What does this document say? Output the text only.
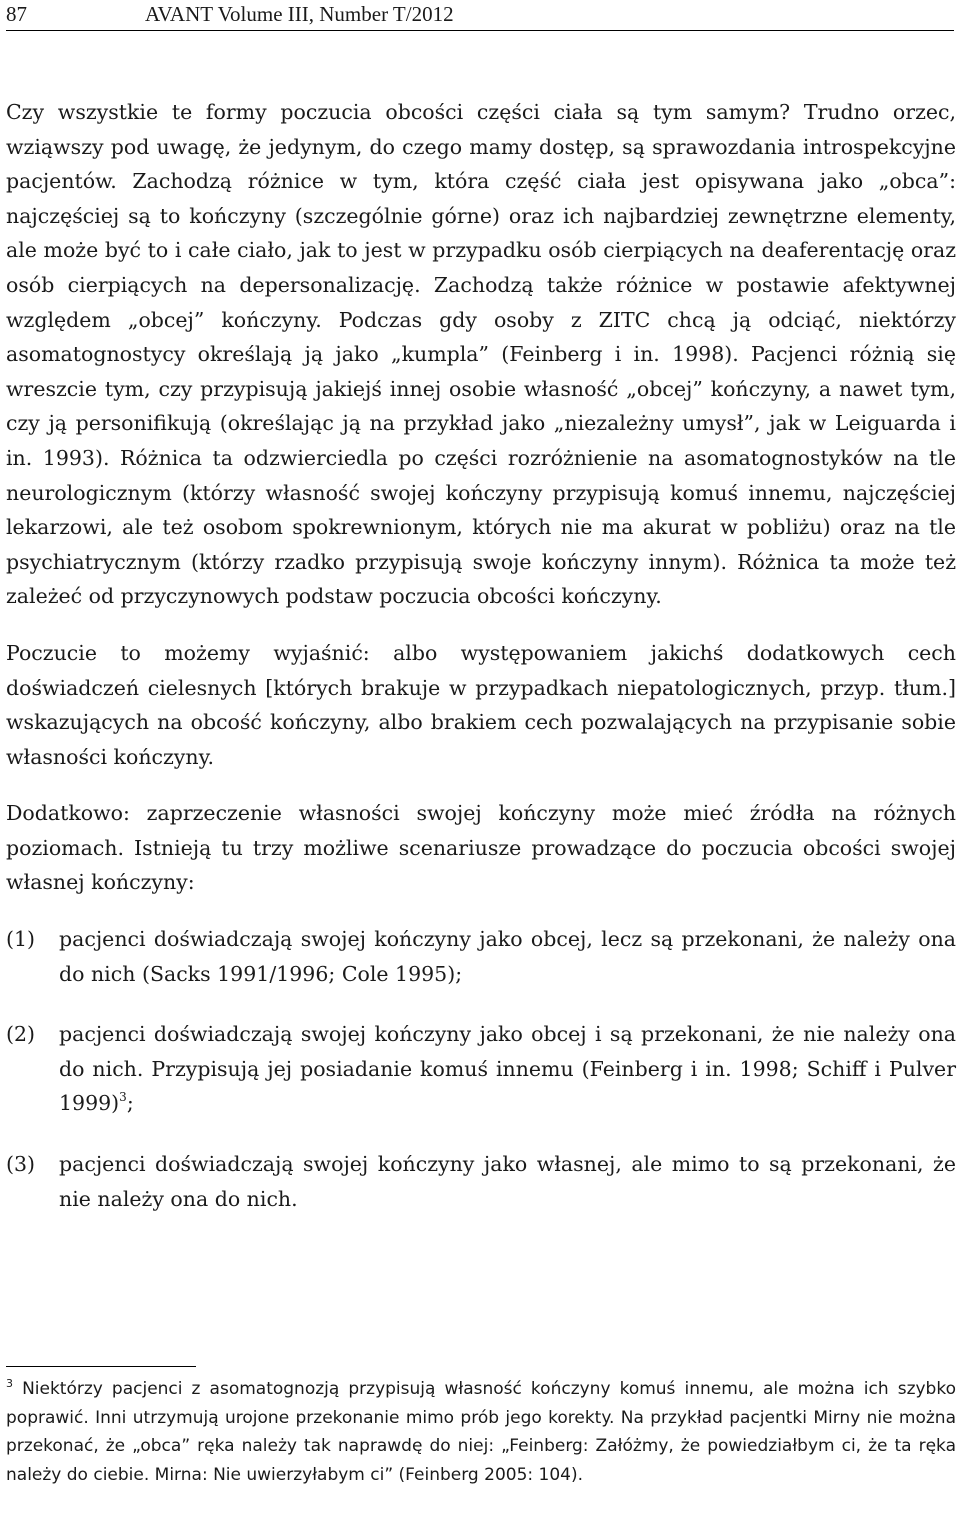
87	AVANT Volume III, Number T/2012

Czy wszystkie te formy poczucia obcości części ciała są tym samym? Trudno orzec, wziąwszy pod uwagę, że jedynym, do czego mamy dostęp, są sprawozdania introspekcyjne pacjentów. Zachodzą różnice w tym, która część ciała jest opisywana jako „obca”: najczęściej są to kończyny (szczególnie górne) oraz ich najbardziej zewnętrzne elementy, ale może być to i całe ciało, jak to jest w przypadku osób cierpiących na deaferentację oraz osób cierpiących na depersonalizację. Zachodzą także różnice w postawie afektywnej względem „obcej” kończyny. Podczas gdy osoby z ZITC chcą ją odciąć, niektórzy asomatognostycy określają ją jako „kumpla” (Feinberg i in. 1998). Pacjenci różnią się wreszcie tym, czy przypisują jakiejś innej osobie własność „obcej” kończyny, a nawet tym, czy ją personifikują (określając ją na przykład jako „niezależny umysł”, jak w Leiguarda i in. 1993). Różnica ta odzwierciedla po części rozróżnienie na asomatognostyków na tle neurologicznym (którzy własność swojej kończyny przypisują komuś innemu, najczęściej lekarzowi, ale też osobom spokrewnionym, których nie ma akurat w pobliżu) oraz na tle psychiatrycznym (którzy rzadko przypisują swoje kończyny innym). Różnica ta może też zależeć od przyczynowych podstaw poczucia obcości kończyny.

Poczucie to możemy wyjaśnić: albo występowaniem jakichś dodatkowych cech doświadczeń cielesnych [których brakuje w przypadkach niepatologicznych, przyp. tłum.] wskazujących na obcość kończyny, albo brakiem cech pozwalających na przypisanie sobie własności kończyny.

Dodatkowo: zaprzeczenie własności swojej kończyny może mieć źródła na różnych poziomach. Istnieją tu trzy możliwe scenariusze prowadzące do poczucia obcości swojej własnej kończyny:

(1)	pacjenci doświadczają swojej kończyny jako obcej, lecz są przekonani, że należy ona do nich (Sacks 1991/1996; Cole 1995);
(2)	pacjenci doświadczają swojej kończyny jako obcej i są przekonani, że nie należy ona do nich. Przypisują jej posiadanie komuś innemu (Feinberg i in. 1998; Schiff i Pulver 1999)$^3$;
(3)	pacjenci doświadczają swojej kończyny jako własnej, ale mimo to są przekonani, że nie należy ona do nich.

$^3$ Niektórzy pacjenci z asomatognozją przypisują własność kończyny komuś innemu, ale można ich szybko poprawić. Inni utrzymują urojone przekonanie mimo prób jego korekty. Na przykład pacjentki Mirny nie można przekonać, że „obca” ręka należy tak naprawdę do niej: „Feinberg: Załóżmy, że powiedziałbym ci, że ta ręka należy do ciebie. Mirna: Nie uwierzyłabym ci” (Feinberg 2005: 104).
